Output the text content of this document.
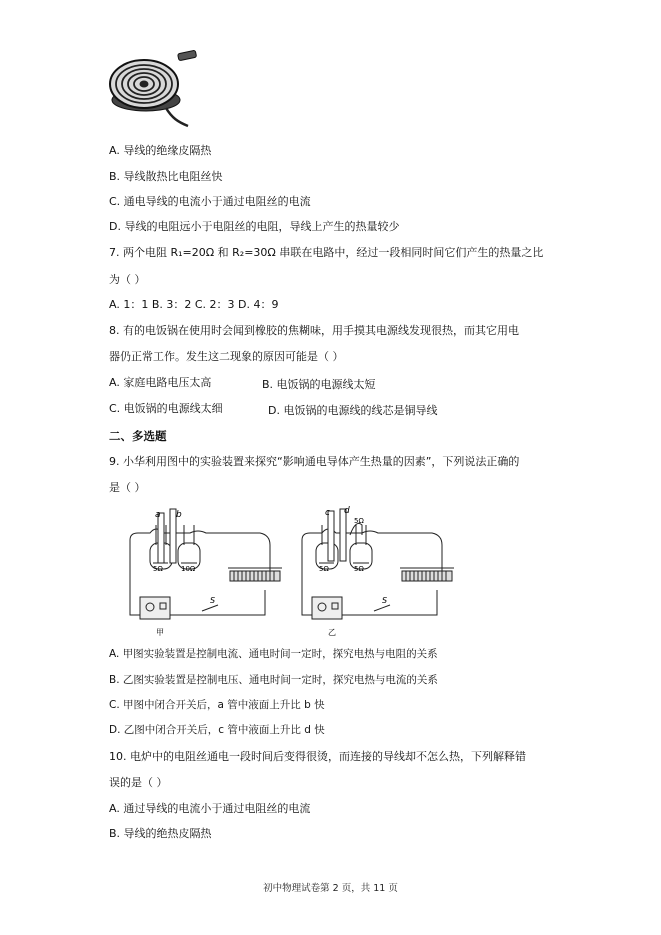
A. 导线的绝缘皮隔热
B. 导线散热比电阻丝快
C. 通电导线的电流小于通过电阻丝的电流
D. 导线的电阻远小于电阻丝的电阻，导线上产生的热量较少
7. 两个电阻 R₁=20Ω 和 R₂=30Ω 串联在电路中，经过一段相同时间它们产生的热量之比
为（ ）
A. 1：1 B. 3：2 C. 2：3 D. 4：9
8. 有的电饭锅在使用时会闻到橡胶的焦糊味，用手摸其电源线发现很热，而其它用电
器仍正常工作。发生这二现象的原因可能是（ ）
A. 家庭电路电压太高	B. 电饭锅的电源线太短
C. 电饭锅的电源线太细	D. 电饭锅的电源线的线芯是铜导线
二、多选题
9. 小华利用图中的实验装置来探究“影响通电导体产生热量的因素”，下列说法正确的
是（ ）
a b
5Ω	10Ω
S
甲
c d
5Ω
5Ω	5Ω
S
乙
A. 甲图实验装置是控制电流、通电时间一定时，探究电热与电阻的关系
B. 乙图实验装置是控制电压、通电时间一定时，探究电热与电流的关系
C. 甲图中闭合开关后，a 管中液面上升比 b 快
D. 乙图中闭合开关后，c 管中液面上升比 d 快
10. 电炉中的电阻丝通电一段时间后变得很烫，而连接的导线却不怎么热，下列解释错
误的是（ ）
A. 通过导线的电流小于通过电阻丝的电流
B. 导线的绝热皮隔热
初中物理试卷第 2 页，共 11 页
